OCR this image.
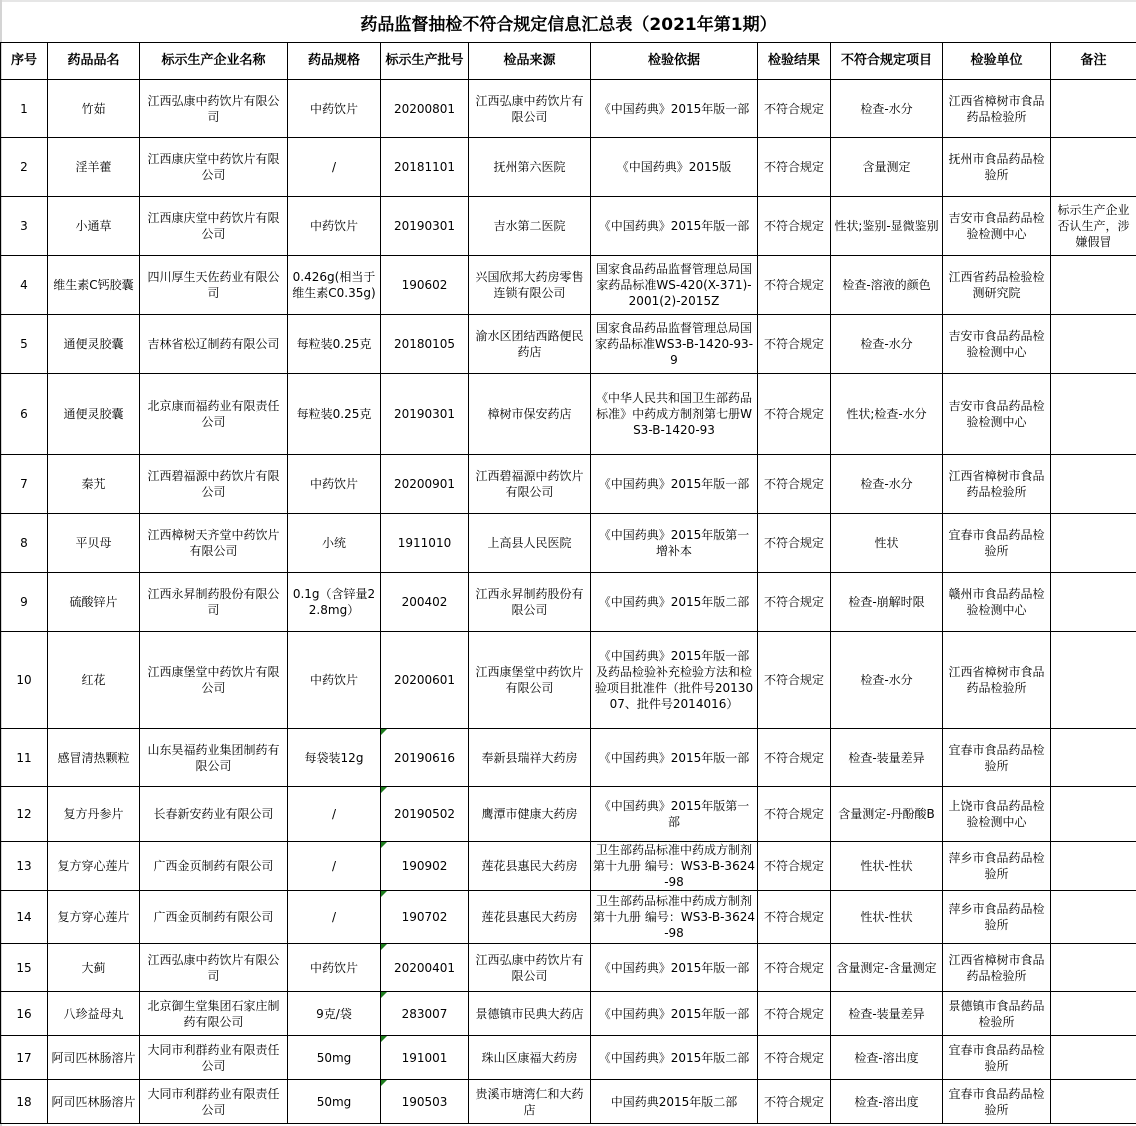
药品监督抽检不符合规定信息汇总表（2021年第1期）
序号	药品品名	标示生产企业名称	药品规格	标示生产批号	检品来源	检验依据	检验结果	不符合规定项目	检验单位	备注
1	竹茹	江西弘康中药饮片有限公司	中药饮片	20200801	江西弘康中药饮片有限公司	《中国药典》2015年版一部	不符合规定	检查-水分	江西省樟树市食品药品检验所	
2	淫羊藿	江西康庆堂中药饮片有限公司	/	20181101	抚州第六医院	《中国药典》2015版	不符合规定	含量测定	抚州市食品药品检验所	
3	小通草	江西康庆堂中药饮片有限公司	中药饮片	20190301	吉水第二医院	《中国药典》2015年版一部	不符合规定	性状;鉴别-显微鉴别	吉安市食品药品检验检测中心	标示生产企业否认生产，涉嫌假冒
4	维生素C钙胶囊	四川厚生天佐药业有限公司	0.426g(相当于维生素C0.35g)	190602	兴国欣邦大药房零售连锁有限公司	国家食品药品监督管理总局国家药品标准WS-420(X-371)-2001(2)-2015Z	不符合规定	检查-溶液的颜色	江西省药品检验检测研究院	
5	通便灵胶囊	吉林省松辽制药有限公司	每粒装0.25克	20180105	渝水区团结西路便民药店	国家食品药品监督管理总局国家药品标准WS3-B-1420-93-9	不符合规定	检查-水分	吉安市食品药品检验检测中心	
6	通便灵胶囊	北京康而福药业有限责任公司	每粒装0.25克	20190301	樟树市保安药店	《中华人民共和国卫生部药品标准》中药成方制剂第七册WS3-B-1420-93	不符合规定	性状;检查-水分	吉安市食品药品检验检测中心	
7	秦艽	江西碧福源中药饮片有限公司	中药饮片	20200901	江西碧福源中药饮片有限公司	《中国药典》2015年版一部	不符合规定	检查-水分	江西省樟树市食品药品检验所	
8	平贝母	江西樟树天齐堂中药饮片有限公司	小统	1911010	上高县人民医院	《中国药典》2015年版第一增补本	不符合规定	性状	宜春市食品药品检验所	
9	硫酸锌片	江西永昇制药股份有限公司	0.1g（含锌量22.8mg）	200402	江西永昇制药股份有限公司	《中国药典》2015年版二部	不符合规定	检查-崩解时限	赣州市食品药品检验检测中心	
10	红花	江西康堡堂中药饮片有限公司	中药饮片	20200601	江西康堡堂中药饮片有限公司	《中国药典》2015年版一部及药品检验补充检验方法和检验项目批准件（批件号2013007、批件号2014016）	不符合规定	检查-水分	江西省樟树市食品药品检验所	
11	感冒清热颗粒	山东昊福药业集团制药有限公司	每袋装12g	20190616	奉新县瑞祥大药房	《中国药典》2015年版一部	不符合规定	检查-装量差异	宜春市食品药品检验所	
12	复方丹参片	长春新安药业有限公司	/	20190502	鹰潭市健康大药房	《中国药典》2015年版第一部	不符合规定	含量测定-丹酚酸B	上饶市食品药品检验检测中心	
13	复方穿心莲片	广西金页制药有限公司	/	190902	莲花县惠民大药房	卫生部药品标准中药成方制剂第十九册 编号：WS3-B-3624-98	不符合规定	性状-性状	萍乡市食品药品检验所	
14	复方穿心莲片	广西金页制药有限公司	/	190702	莲花县惠民大药房	卫生部药品标准中药成方制剂第十九册 编号：WS3-B-3624-98	不符合规定	性状-性状	萍乡市食品药品检验所	
15	大蓟	江西弘康中药饮片有限公司	中药饮片	20200401	江西弘康中药饮片有限公司	《中国药典》2015年版一部	不符合规定	含量测定-含量测定	江西省樟树市食品药品检验所	
16	八珍益母丸	北京御生堂集团石家庄制药有限公司	9克/袋	283007	景德镇市民典大药店	《中国药典》2015年版一部	不符合规定	检查-装量差异	景德镇市食品药品检验所	
17	阿司匹林肠溶片	大同市利群药业有限责任公司	50mg	191001	珠山区康福大药房	《中国药典》2015年版二部	不符合规定	检查-溶出度	宜春市食品药品检验所	
18	阿司匹林肠溶片	大同市利群药业有限责任公司	50mg	190503	贵溪市塘湾仁和大药店	中国药典2015年版二部	不符合规定	检查-溶出度	宜春市食品药品检验所	
